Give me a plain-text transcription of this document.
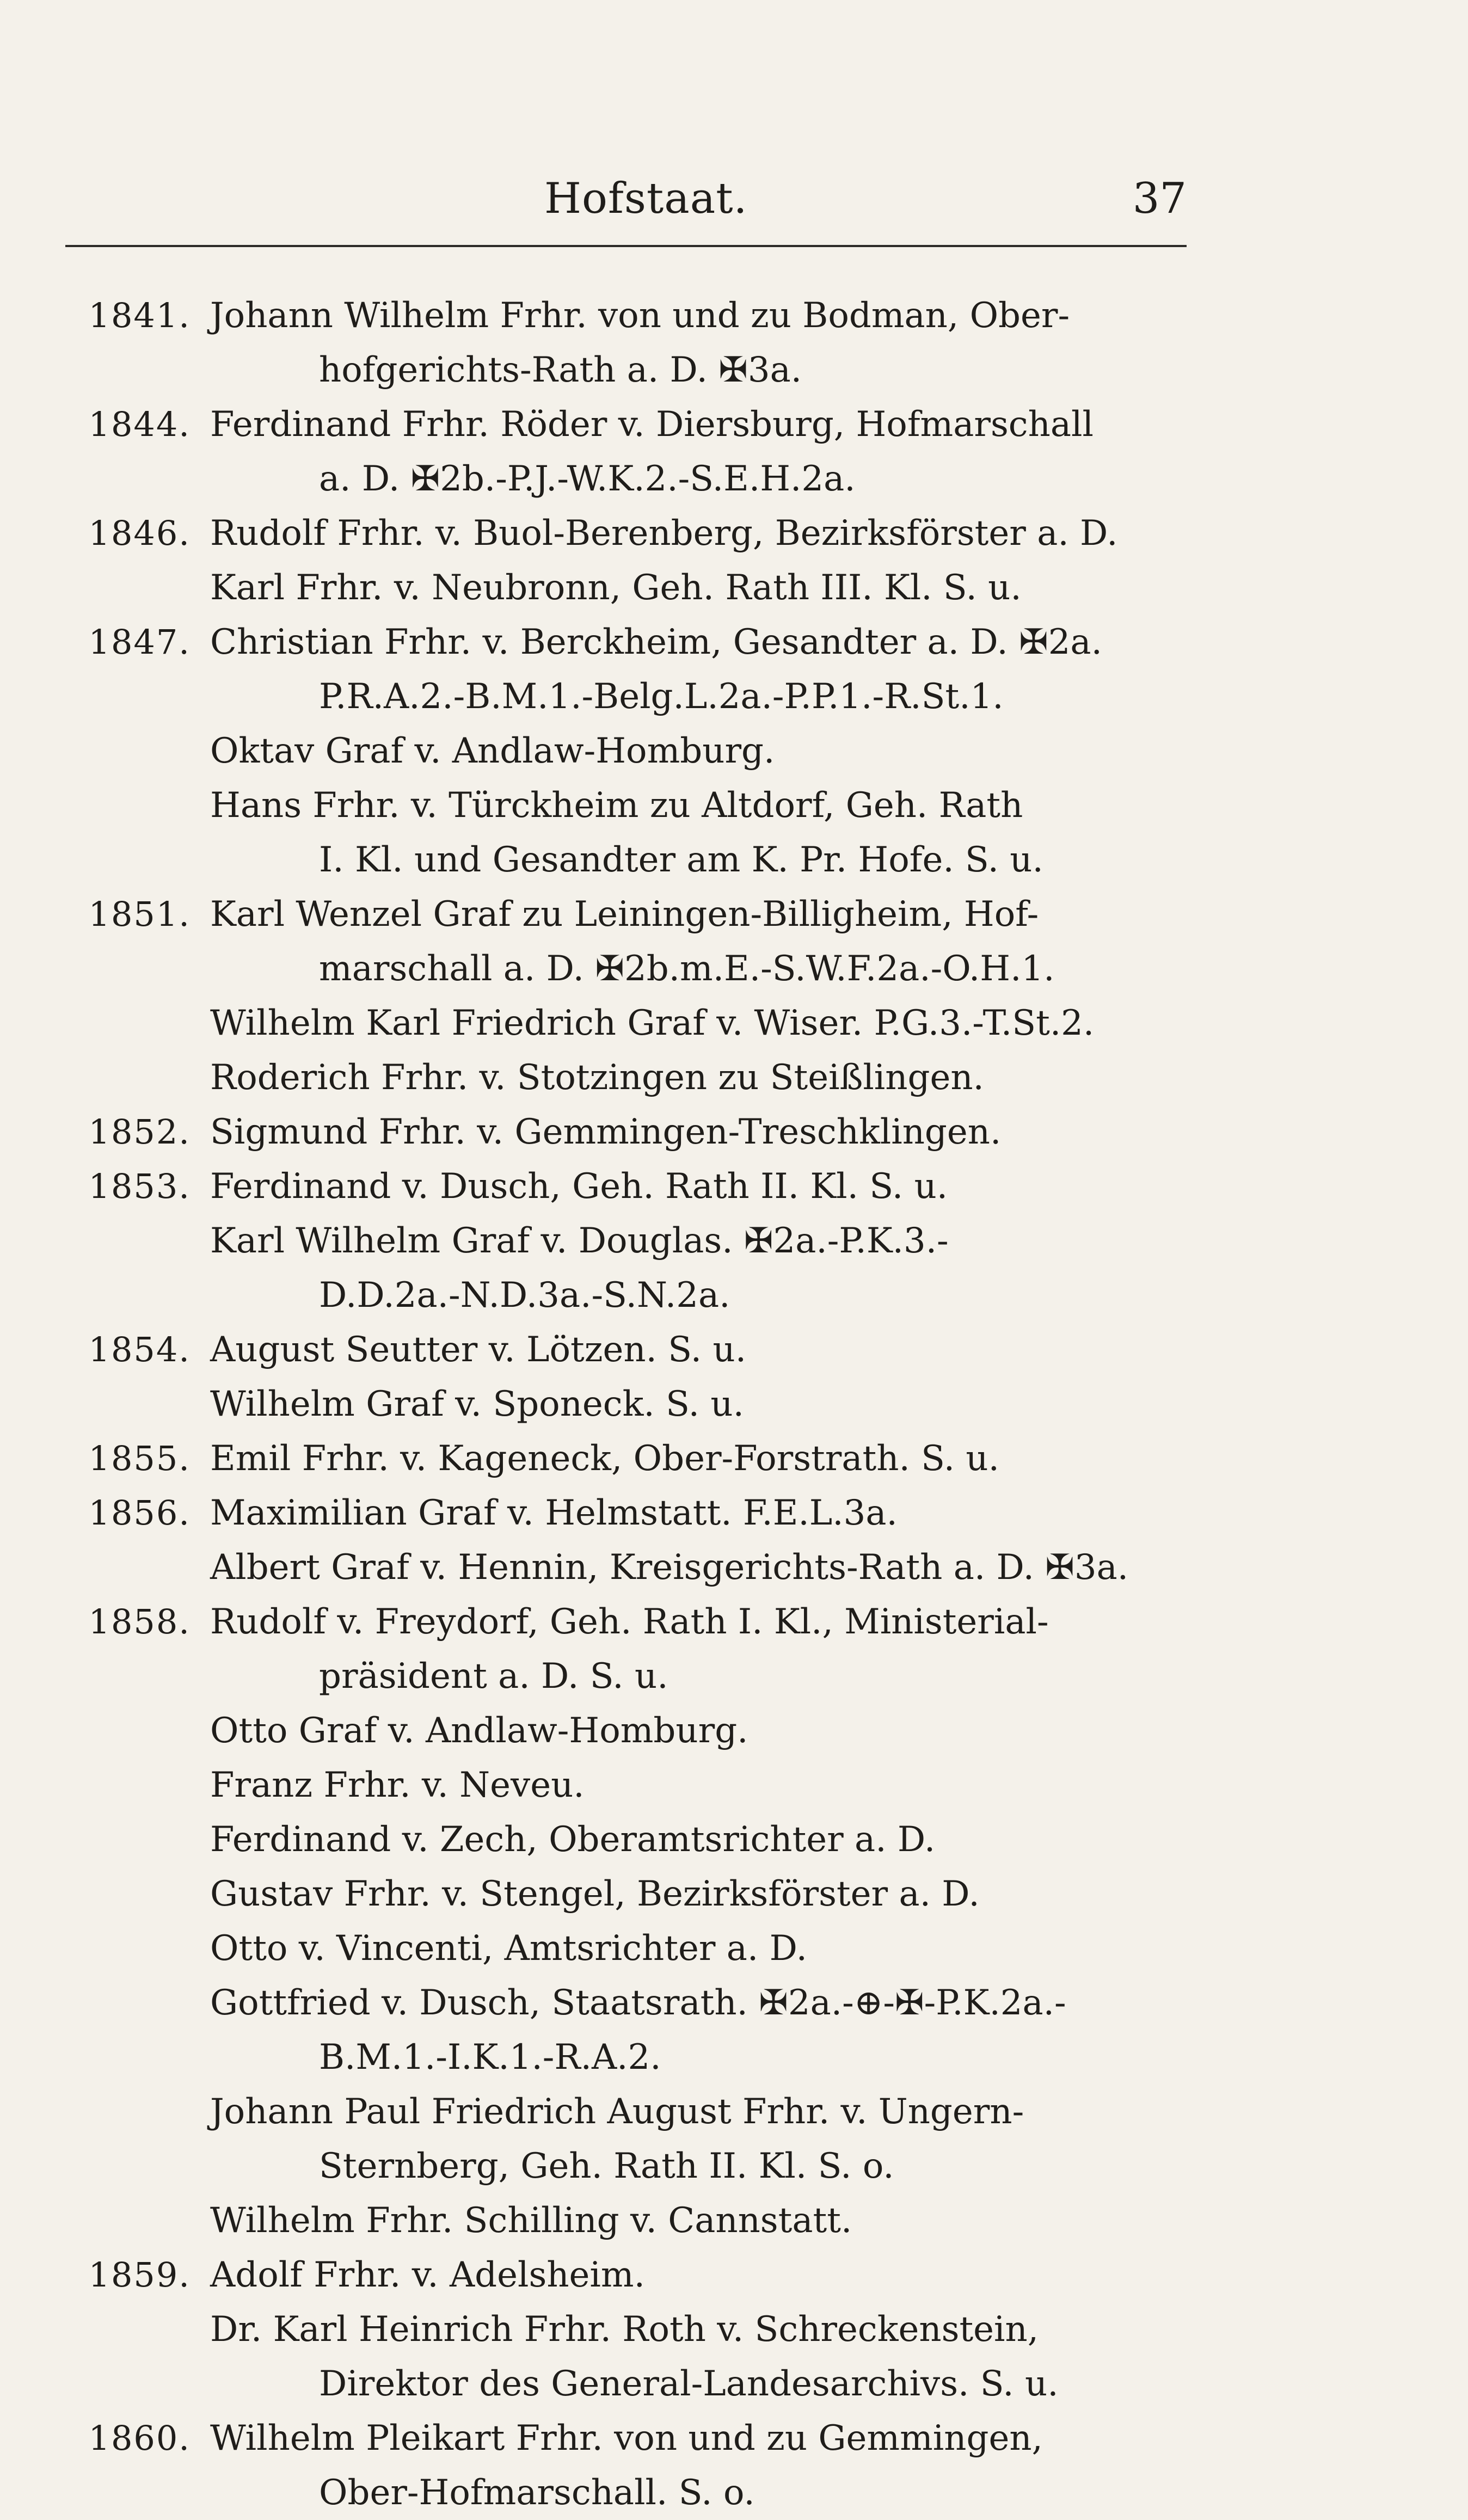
Hofstaat.	37
1841. Johann Wilhelm Frhr. von und zu Bodman, Ober-
hofgerichts-Rath a. D. ✠3a.
1844. Ferdinand Frhr. Röder v. Diersburg, Hofmarschall
a. D. ✠2b.-P.J.-W.K.2.-S.E.H.2a.
1846. Rudolf Frhr. v. Buol-Berenberg, Bezirksförster a. D.
Karl Frhr. v. Neubronn, Geh. Rath III. Kl. S. u.
1847. Christian Frhr. v. Berckheim, Gesandter a. D. ✠2a.
P.R.A.2.-B.M.1.-Belg.L.2a.-P.P.1.-R.St.1.
Oktav Graf v. Andlaw-Homburg.
Hans Frhr. v. Türckheim zu Altdorf, Geh. Rath
I. Kl. und Gesandter am K. Pr. Hofe. S. u.
1851. Karl Wenzel Graf zu Leiningen-Billigheim, Hof-
marschall a. D. ✠2b.m.E.-S.W.F.2a.-O.H.1.
Wilhelm Karl Friedrich Graf v. Wiser. P.G.3.-T.St.2.
Roderich Frhr. v. Stotzingen zu Steißlingen.
1852. Sigmund Frhr. v. Gemmingen-Treschklingen.
1853. Ferdinand v. Dusch, Geh. Rath II. Kl. S. u.
Karl Wilhelm Graf v. Douglas. ✠2a.-P.K.3.-
D.D.2a.-N.D.3a.-S.N.2a.
1854. August Seutter v. Lötzen. S. u.
Wilhelm Graf v. Sponeck. S. u.
1855. Emil Frhr. v. Kageneck, Ober-Forstrath. S. u.
1856. Maximilian Graf v. Helmstatt. F.E.L.3a.
Albert Graf v. Hennin, Kreisgerichts-Rath a. D. ✠3a.
1858. Rudolf v. Freydorf, Geh. Rath I. Kl., Ministerial-
präsident a. D. S. u.
Otto Graf v. Andlaw-Homburg.
Franz Frhr. v. Neveu.
Ferdinand v. Zech, Oberamtsrichter a. D.
Gustav Frhr. v. Stengel, Bezirksförster a. D.
Otto v. Vincenti, Amtsrichter a. D.
Gottfried v. Dusch, Staatsrath. ✠2a.-⊕-✠-P.K.2a.-
B.M.1.-I.K.1.-R.A.2.
Johann Paul Friedrich August Frhr. v. Ungern-
Sternberg, Geh. Rath II. Kl. S. o.
Wilhelm Frhr. Schilling v. Cannstatt.
1859. Adolf Frhr. v. Adelsheim.
Dr. Karl Heinrich Frhr. Roth v. Schreckenstein,
Direktor des General-Landesarchivs. S. u.
1860. Wilhelm Pleikart Frhr. von und zu Gemmingen,
Ober-Hofmarschall. S. o.
